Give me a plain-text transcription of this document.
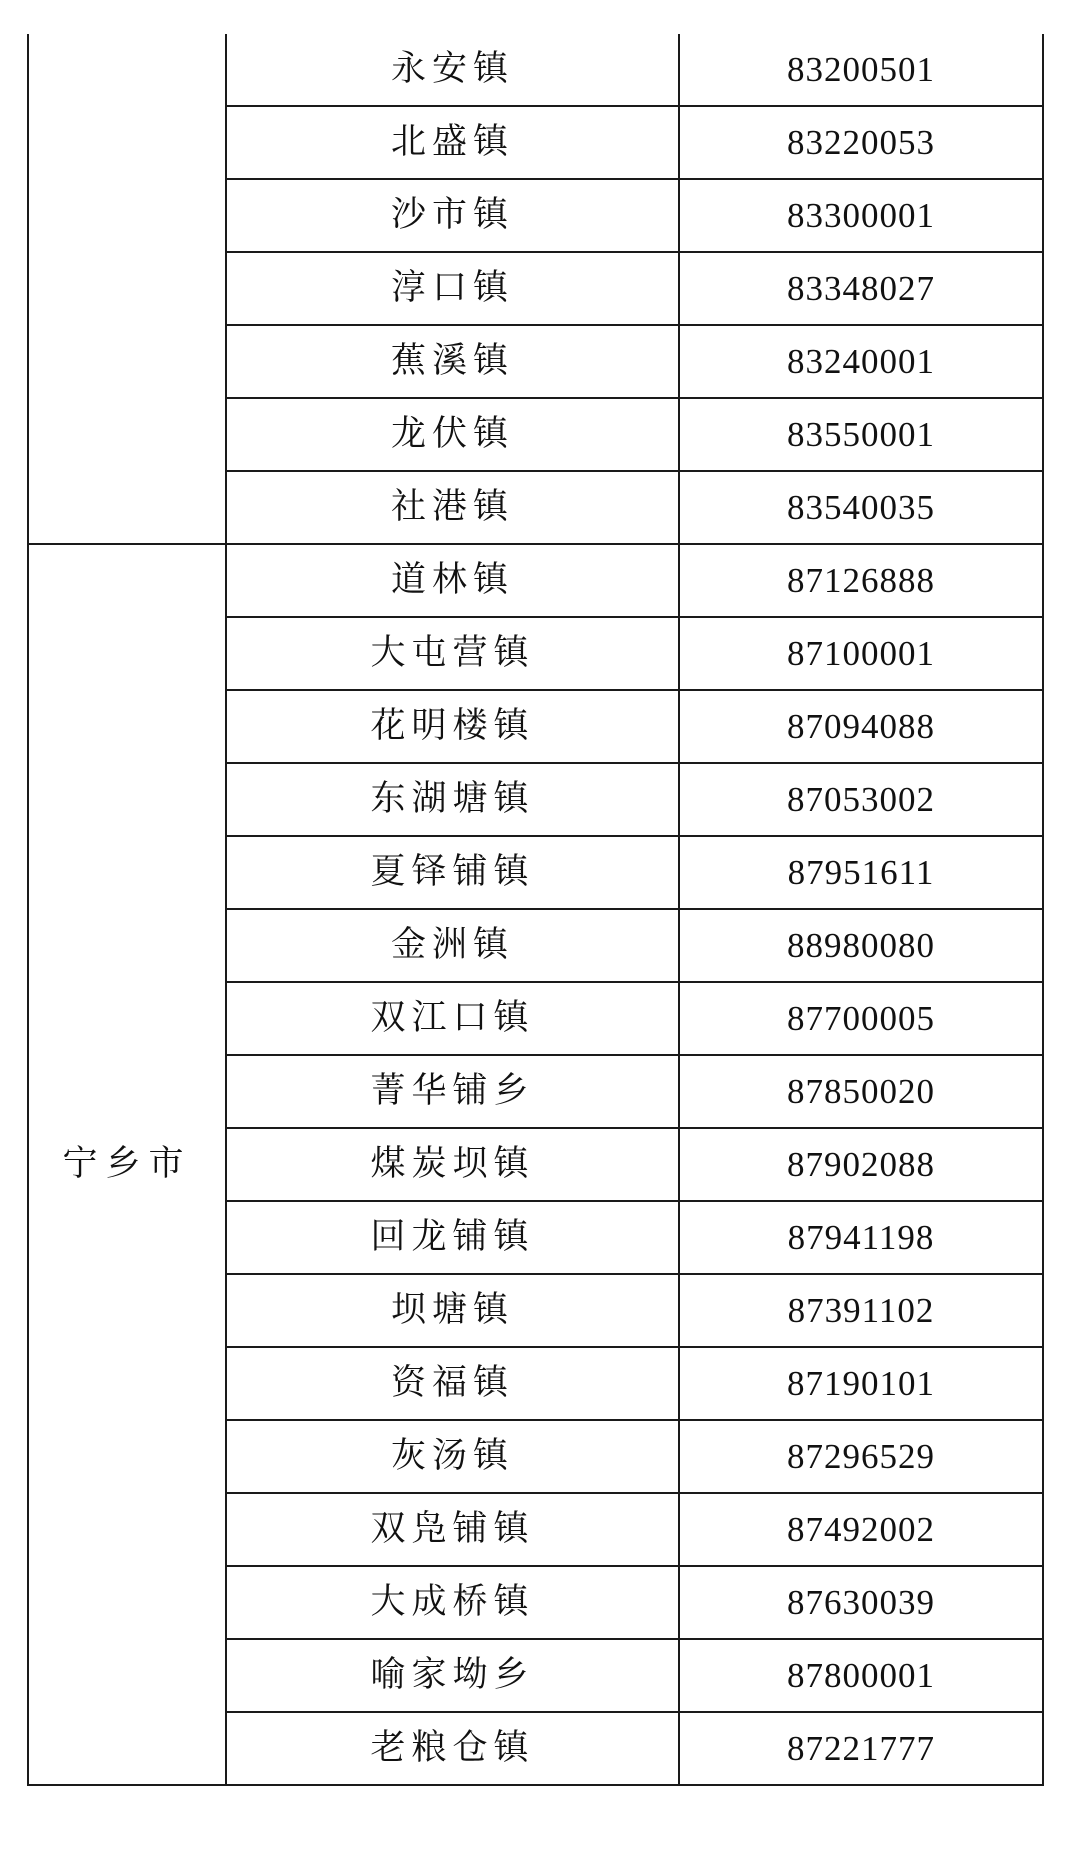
	永安镇	83200501
	北盛镇	83220053
	沙市镇	83300001
	淳口镇	83348027
	蕉溪镇	83240001
	龙伏镇	83550001
	社港镇	83540035
宁乡市	道林镇	87126888
	大屯营镇	87100001
	花明楼镇	87094088
	东湖塘镇	87053002
	夏铎铺镇	87951611
	金洲镇	88980080
	双江口镇	87700005
	菁华铺乡	87850020
	煤炭坝镇	87902088
	回龙铺镇	87941198
	坝塘镇	87391102
	资福镇	87190101
	灰汤镇	87296529
	双凫铺镇	87492002
	大成桥镇	87630039
	喻家坳乡	87800001
	老粮仓镇	87221777
